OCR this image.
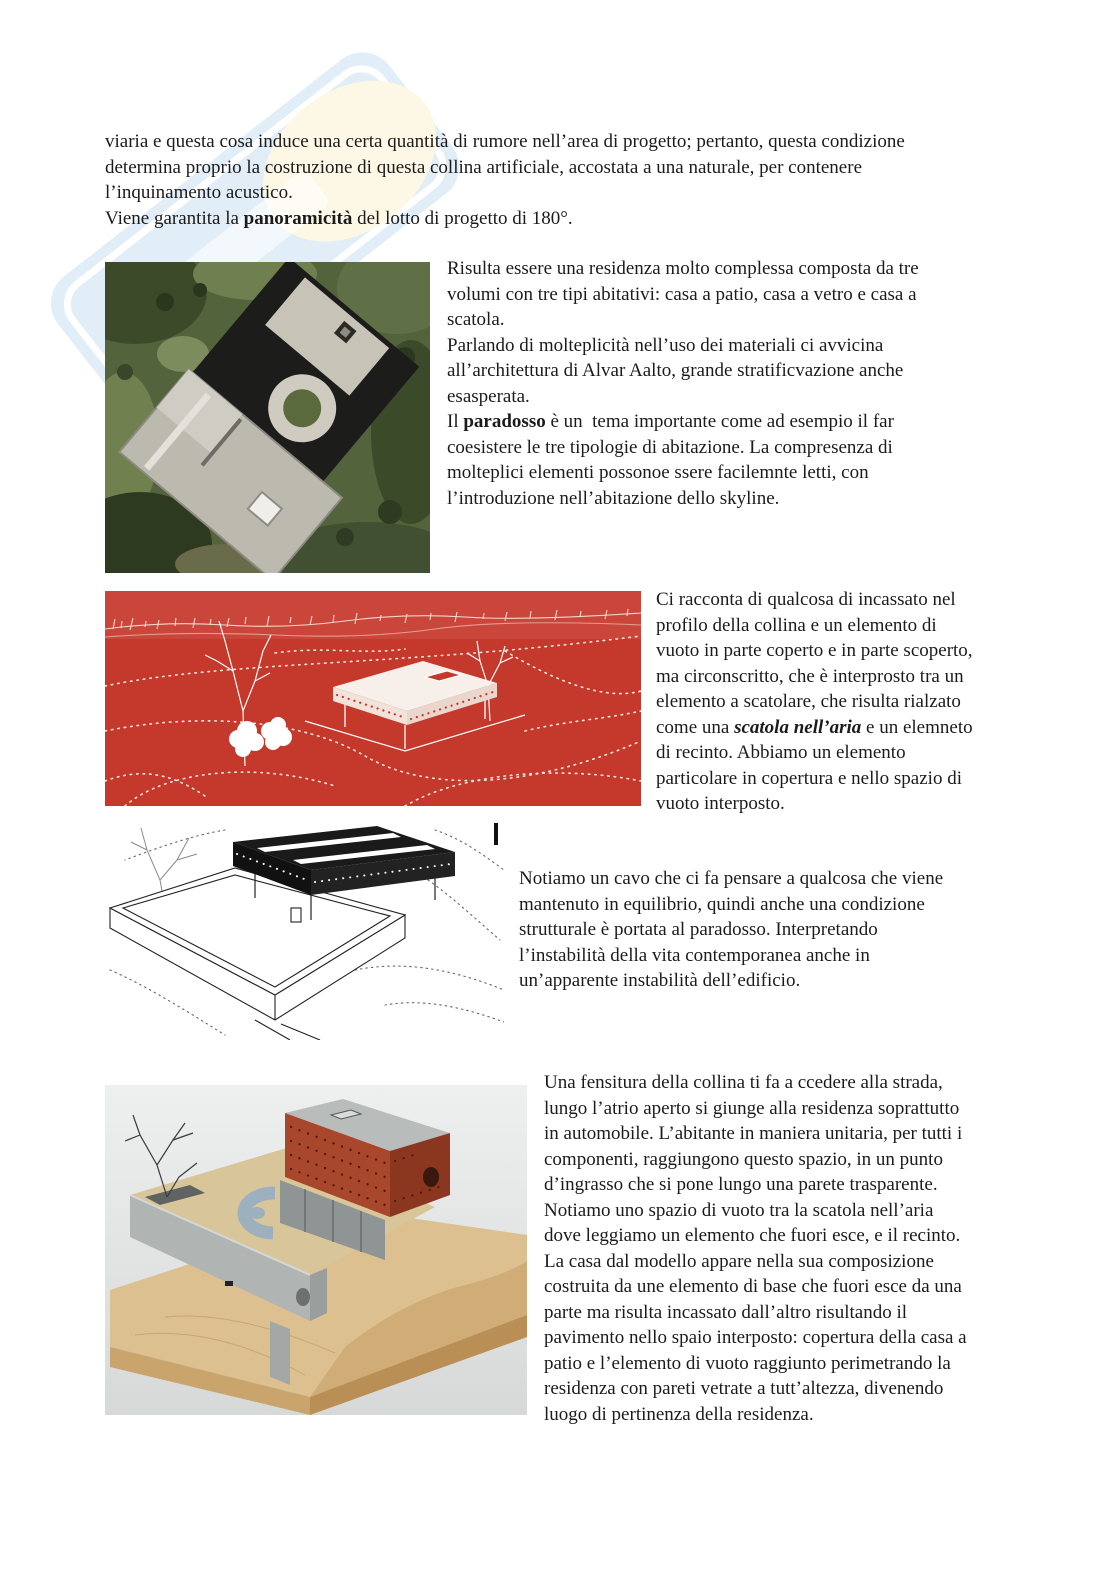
viaria e questa cosa induce una certa quantità di rumore nell’area di progetto; pertanto, questa condizione
determina proprio la costruzione di questa collina artificiale, accostata a una naturale, per contenere
l’inquinamento acustico.
Viene garantita la panoramicità del lotto di progetto di 180°.
Risulta essere una residenza molto complessa composta da tre
volumi con tre tipi abitativi: casa a patio, casa a vetro e casa a
scatola.
Parlando di molteplicità nell’uso dei materiali ci avvicina
all’architettura di Alvar Aalto, grande stratificvazione anche
esasperata.
Il paradosso è un  tema importante come ad esempio il far
coesistere le tre tipologie di abitazione. La compresenza di
molteplici elementi possonoe ssere facilemnte letti, con
l’introduzione nell’abitazione dello skyline.
Ci racconta di qualcosa di incassato nel
profilo della collina e un elemento di
vuoto in parte coperto e in parte scoperto,
ma circonscritto, che è interprosto tra un
elemento a scatolare, che risulta rialzato
come una scatola nell’aria e un elemneto
di recinto. Abbiamo un elemento
particolare in copertura e nello spazio di
vuoto interposto.
Notiamo un cavo che ci fa pensare a qualcosa che viene
mantenuto in equilibrio, quindi anche una condizione
strutturale è portata al paradosso. Interpretando
l’instabilità della vita contemporanea anche in
un’apparente instabilità dell’edificio.
Una fensitura della collina ti fa a ccedere alla strada,
lungo l’atrio aperto si giunge alla residenza soprattutto
in automobile. L’abitante in maniera unitaria, per tutti i
componenti, raggiungono questo spazio, in un punto
d’ingrasso che si pone lungo una parete trasparente.
Notiamo uno spazio di vuoto tra la scatola nell’aria
dove leggiamo un elemento che fuori esce, e il recinto.
La casa dal modello appare nella sua composizione
costruita da une elemento di base che fuori esce da una
parte ma risulta incassato dall’altro risultando il
pavimento nello spaio interposto: copertura della casa a
patio e l’elemento di vuoto raggiunto perimetrando la
residenza con pareti vetrate a tutt’altezza, divenendo
luogo di pertinenza della residenza.
